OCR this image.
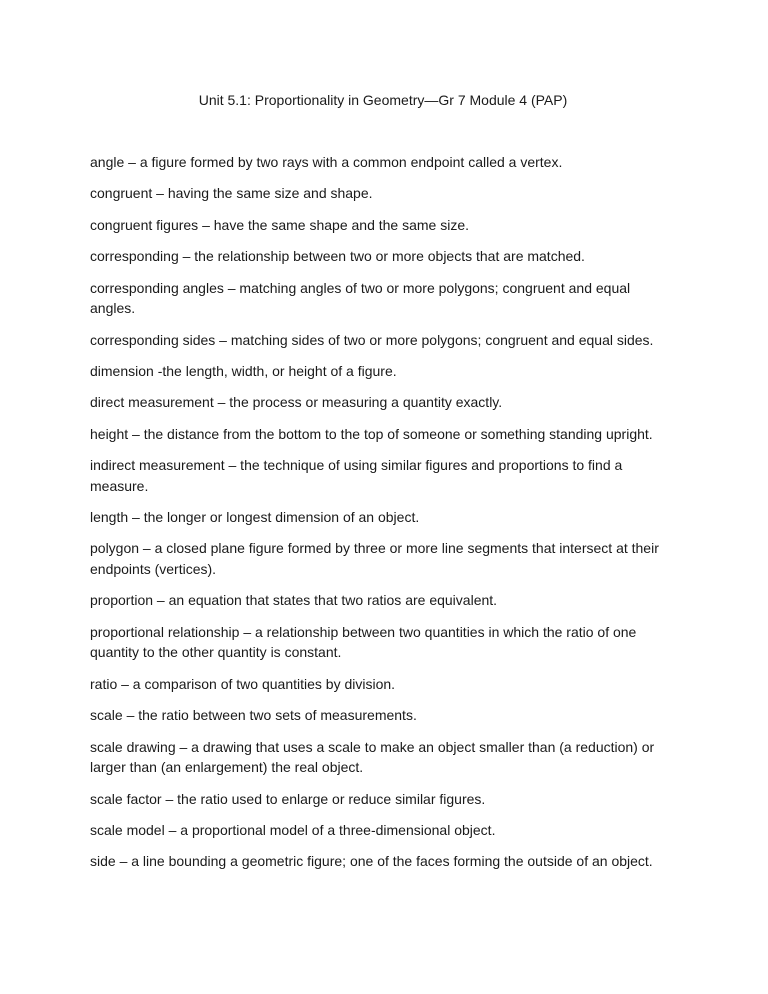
Unit 5.1: Proportionality in Geometry—Gr 7 Module 4 (PAP)
angle – a figure formed by two rays with a common endpoint called a vertex.
congruent – having the same size and shape.
congruent figures – have the same shape and the same size.
corresponding – the relationship between two or more objects that are matched.
corresponding angles – matching angles of two or more polygons; congruent and equal angles.
corresponding sides – matching sides of two or more polygons; congruent and equal sides.
dimension -the length, width, or height of a figure.
direct measurement – the process or measuring a quantity exactly.
height – the distance from the bottom to the top of someone or something standing upright.
indirect measurement – the technique of using similar figures and proportions to find a measure.
length – the longer or longest dimension of an object.
polygon – a closed plane figure formed by three or more line segments that intersect at their endpoints (vertices).
proportion – an equation that states that two ratios are equivalent.
proportional relationship – a relationship between two quantities in which the ratio of one quantity to the other quantity is constant.
ratio – a comparison of two quantities by division.
scale – the ratio between two sets of measurements.
scale drawing – a drawing that uses a scale to make an object smaller than (a reduction) or larger than (an enlargement) the real object.
scale factor – the ratio used to enlarge or reduce similar figures.
scale model – a proportional model of a three-dimensional object.
side – a line bounding a geometric figure; one of the faces forming the outside of an object.
